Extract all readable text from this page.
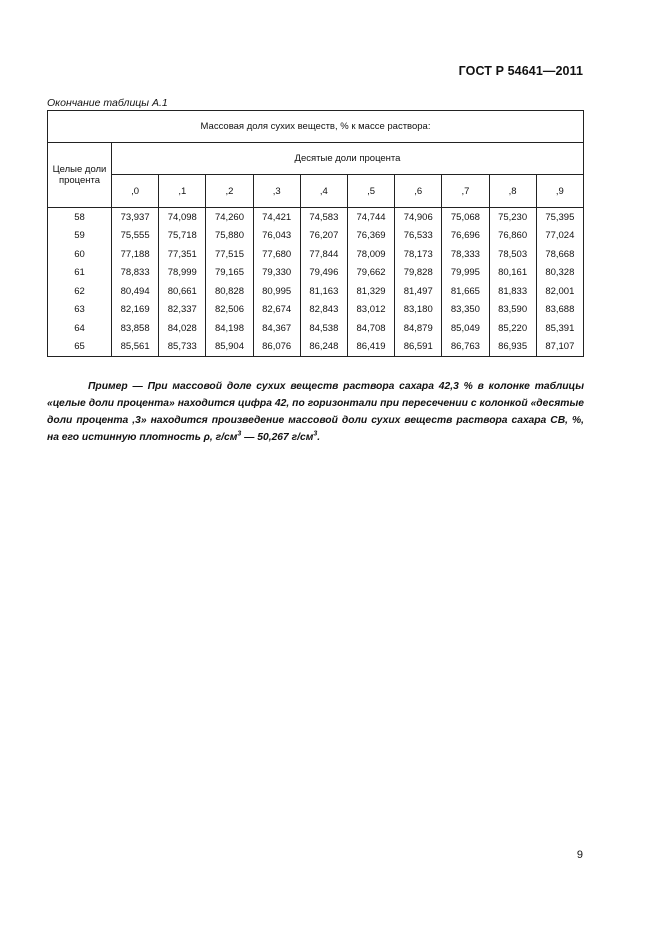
ГОСТ Р 54641—2011
Окончание таблицы А.1
Массовая доля сухих веществ, % к массе раствора:										
Целые доли процента	Десятые доли процента									
	,0	,1	,2	,3	,4	,5	,6	,7	,8	,9
58	73,937	74,098	74,260	74,421	74,583	74,744	74,906	75,068	75,230	75,395
59	75,555	75,718	75,880	76,043	76,207	76,369	76,533	76,696	76,860	77,024
60	77,188	77,351	77,515	77,680	77,844	78,009	78,173	78,333	78,503	78,668
61	78,833	78,999	79,165	79,330	79,496	79,662	79,828	79,995	80,161	80,328
62	80,494	80,661	80,828	80,995	81,163	81,329	81,497	81,665	81,833	82,001
63	82,169	82,337	82,506	82,674	82,843	83,012	83,180	83,350	83,590	83,688
64	83,858	84,028	84,198	84,367	84,538	84,708	84,879	85,049	85,220	85,391
65	85,561	85,733	85,904	86,076	86,248	86,419	86,591	86,763	86,935	87,107
Пример — При массовой доле сухих веществ раствора сахара 42,3 % в колонке таблицы «целые доли процента» находится цифра 42, по горизонтали при пересечении с колонкой «десятые доли процента ,3» находится произведение массовой доли сухих веществ раствора сахара СВ, %, на его истинную плотность ρ, $г/см^3$ — 50,267 $г/см^3$.
9
